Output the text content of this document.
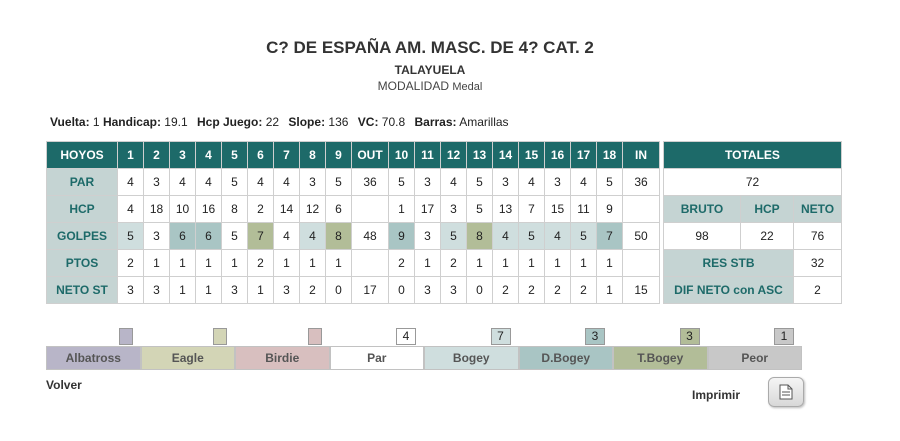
C? DE ESPAÑA AM. MASC. DE 4? CAT. 2
TALAYUELA
MODALIDAD Medal
Vuelta: 1 Handicap: 19.1 Hcp Juego: 22 Slope: 136 VC: 70.8 Barras: Amarillas
HOYOS	1	2	3	4	5	6	7	8	9	OUT	10	11	12	13	14	15	16	17	18	IN		TOTALES		
PAR	4	3	4	4	5	4	4	3	5	36	5	3	4	5	3	4	3	4	5	36		72		
HCP	4	18	10	16	8	2	14	12	6		1	17	3	5	13	7	15	11	9			BRUTO	HCP	NETO
GOLPES	5	3	6	6	5	7	4	4	8	48	9	3	5	8	4	5	4	5	7	50		98	22	76
PTOS	2	1	1	1	1	2	1	1	1		2	1	2	1	1	1	1	1	1			RES STB		32
NETO ST	3	3	1	1	3	1	3	2	0	17	0	3	3	0	2	2	2	2	1	15		DIF NETO con ASC		2
4	7	3	3	1
Albatross	Eagle	Birdie	Par	Bogey	D.Bogey	T.Bogey	Peor
Volver
Imprimir
